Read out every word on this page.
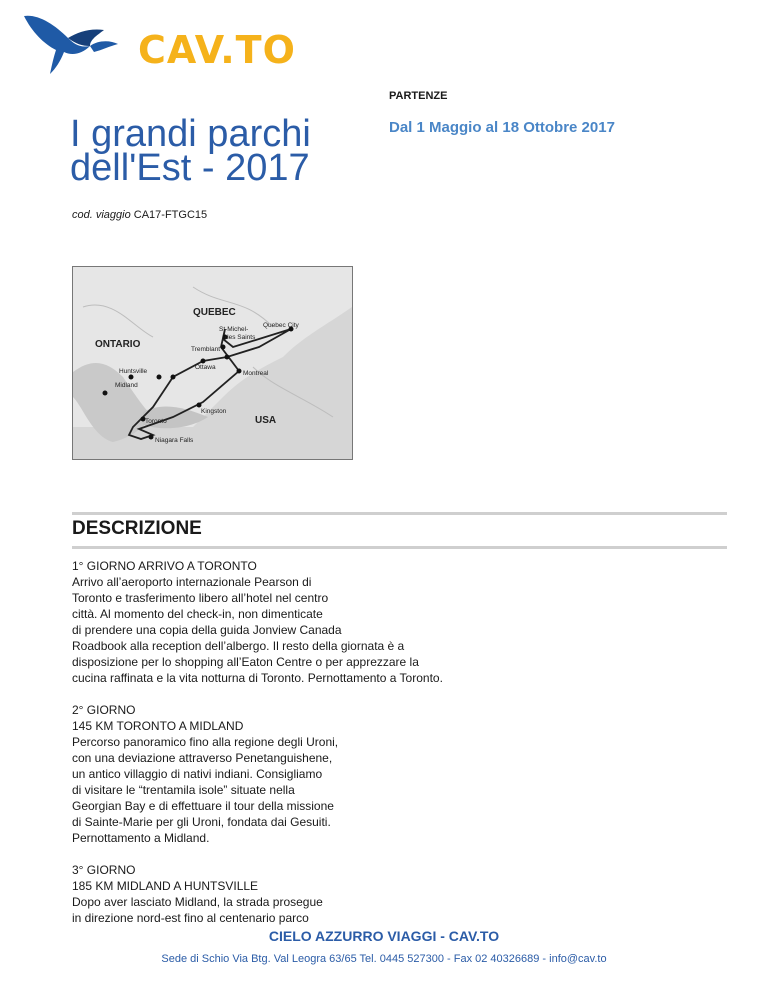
CAV.TO
PARTENZE
Dal 1 Maggio al 18 Ottobre 2017
I grandi parchi
dell'Est - 2017
cod. viaggio CA17-FTGC15
QUEBEC
ONTARIO
USA
St-Michel-
des Saints
Quebec City
Tremblant
Ottawa
Huntsville	Montreal
Midland
Kingston
Toronto
Niagara Falls
DESCRIZIONE

1° GIORNO ARRIVO A TORONTO
Arrivo all’aeroporto internazionale Pearson di
Toronto e trasferimento libero all’hotel nel centro
città. Al momento del check-in, non dimenticate
di prendere una copia della guida Jonview Canada
Roadbook alla reception dell’albergo. Il resto della giornata è a
disposizione per lo shopping all’Eaton Centre o per apprezzare la
cucina raffinata e la vita notturna di Toronto. Pernottamento a Toronto.

2° GIORNO
145 KM TORONTO A MIDLAND
Percorso panoramico fino alla regione degli Uroni,
con una deviazione attraverso Penetanguishene,
un antico villaggio di nativi indiani. Consigliamo
di visitare le “trentamila isole” situate nella
Georgian Bay e di effettuare il tour della missione
di Sainte-Marie per gli Uroni, fondata dai Gesuiti.
Pernottamento a Midland.

3° GIORNO
185 KM MIDLAND A HUNTSVILLE
Dopo aver lasciato Midland, la strada prosegue
in direzione nord-est fino al centenario parco

CIELO AZZURRO VIAGGI - CAV.TO
Sede di Schio Via Btg. Val Leogra 63/65 Tel. 0445 527300 - Fax 02 40326689 - info@cav.to
